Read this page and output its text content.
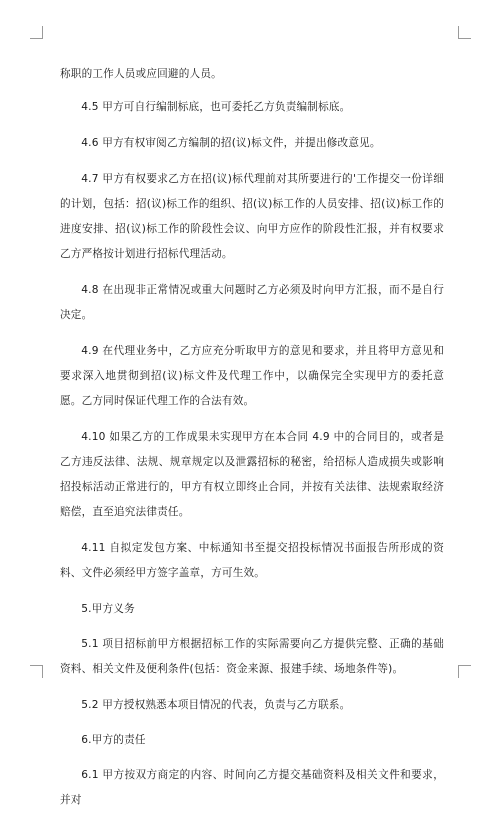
称职的工作人员或应回避的人员。

4.5 甲方可自行编制标底，也可委托乙方负责编制标底。

4.6 甲方有权审阅乙方编制的招(议)标文件，并提出修改意见。

4.7 甲方有权要求乙方在招(议)标代理前对其所要进行的'工作提交一份详细的计划，包括：招(议)标工作的组织、招(议)标工作的人员安排、招(议)标工作的进度安排、招(议)标工作的阶段性会议、向甲方应作的阶段性汇报，并有权要求乙方严格按计划进行招标代理活动。

4.8 在出现非正常情况或重大问题时乙方必须及时向甲方汇报，而不是自行决定。

4.9 在代理业务中，乙方应充分听取甲方的意见和要求，并且将甲方意见和要求深入地贯彻到招(议)标文件及代理工作中，以确保完全实现甲方的委托意愿。乙方同时保证代理工作的合法有效。

4.10 如果乙方的工作成果未实现甲方在本合同 4.9 中的合同目的，或者是乙方违反法律、法规、规章规定以及泄露招标的秘密，给招标人造成损失或影响招投标活动正常进行的，甲方有权立即终止合同，并按有关法律、法规索取经济赔偿，直至追究法律责任。

4.11 自拟定发包方案、中标通知书至提交招投标情况书面报告所形成的资料、文件必须经甲方签字盖章，方可生效。

5.甲方义务

5.1 项目招标前甲方根据招标工作的实际需要向乙方提供完整、正确的基础资料、相关文件及便利条件(包括：资金来源、报建手续、场地条件等)。

5.2 甲方授权熟悉本项目情况的代表，负责与乙方联系。

6.甲方的责任

6.1 甲方按双方商定的内容、时间向乙方提交基础资料及相关文件和要求，并对
